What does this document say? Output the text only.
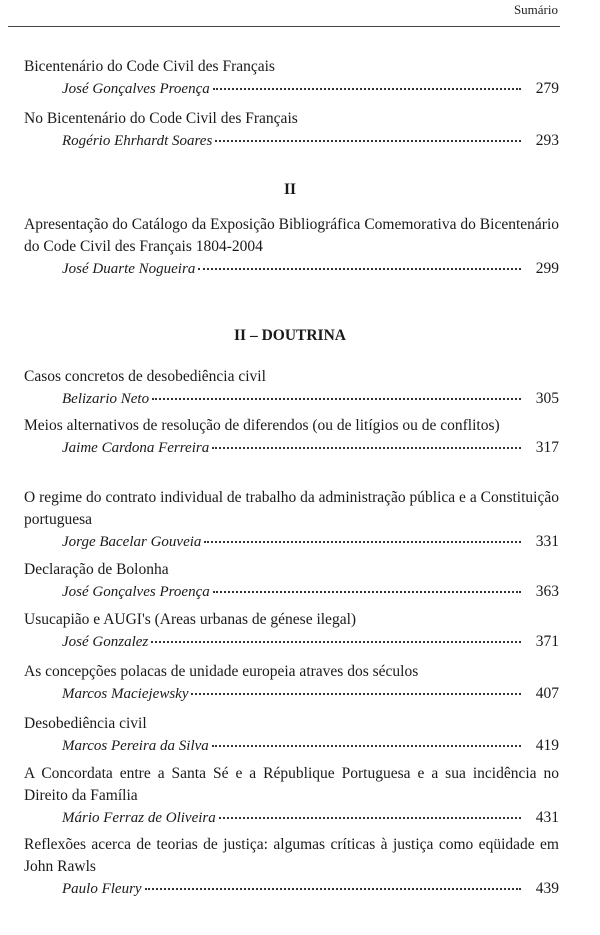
Sumário
Bicentenário do Code Civil des Français
José Gonçalves Proença	279
No Bicentenário do Code Civil des Français
Rogério Ehrhardt Soares	293
II
Apresentação do Catálogo da Exposição Bibliográfica Comemorativa do Bicentenário do Code Civil des Français 1804-2004
José Duarte Nogueira	299
II – DOUTRINA
Casos concretos de desobediência civil
Belizario Neto	305
Meios alternativos de resolução de diferendos (ou de litígios ou de conflitos)
Jaime Cardona Ferreira	317
O regime do contrato individual de trabalho da administração pública e a Constituição portuguesa
Jorge Bacelar Gouveia	331
Declaração de Bolonha
José Gonçalves Proença	363
Usucapião e AUGI's (Areas urbanas de génese ilegal)
José Gonzalez	371
As concepções polacas de unidade europeia atraves dos séculos
Marcos Maciejewsky	407
Desobediência civil
Marcos Pereira da Silva	419
A Concordata entre a Santa Sé e a République Portuguesa e a sua incidência no Direito da Família
Mário Ferraz de Oliveira	431
Reflexões acerca de teorias de justiça: algumas críticas à justiça como eqüidade em John Rawls
Paulo Fleury	439
